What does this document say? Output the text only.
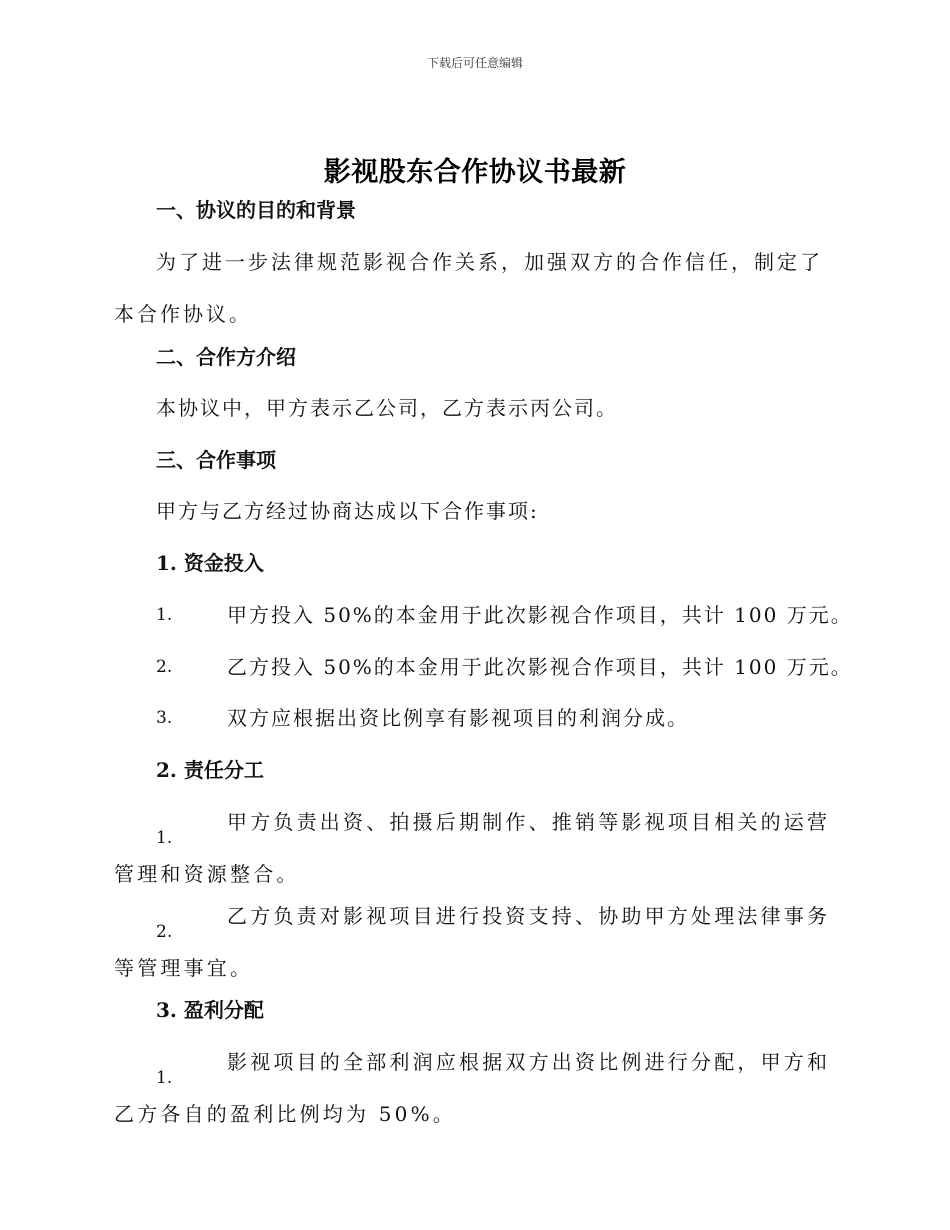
下载后可任意编辑
影视股东合作协议书最新
一、协议的目的和背景
为了进一步法律规范影视合作关系，加强双方的合作信任，制定了本合作协议。
二、合作方介绍
本协议中，甲方表示乙公司，乙方表示丙公司。
三、合作事项
甲方与乙方经过协商达成以下合作事项:
1. 资金投入
1.	甲方投入 50%的本金用于此次影视合作项目，共计 100 万元。
2.	乙方投入 50%的本金用于此次影视合作项目，共计 100 万元。
3.	双方应根据出资比例享有影视项目的利润分成。
2. 责任分工
1.
甲方负责出资、拍摄后期制作、推销等影视项目相关的运营管理和资源整合。
2.
乙方负责对影视项目进行投资支持、协助甲方处理法律事务等管理事宜。
3. 盈利分配
1.
影视项目的全部利润应根据双方出资比例进行分配，甲方和乙方各自的盈利比例均为 50%。
